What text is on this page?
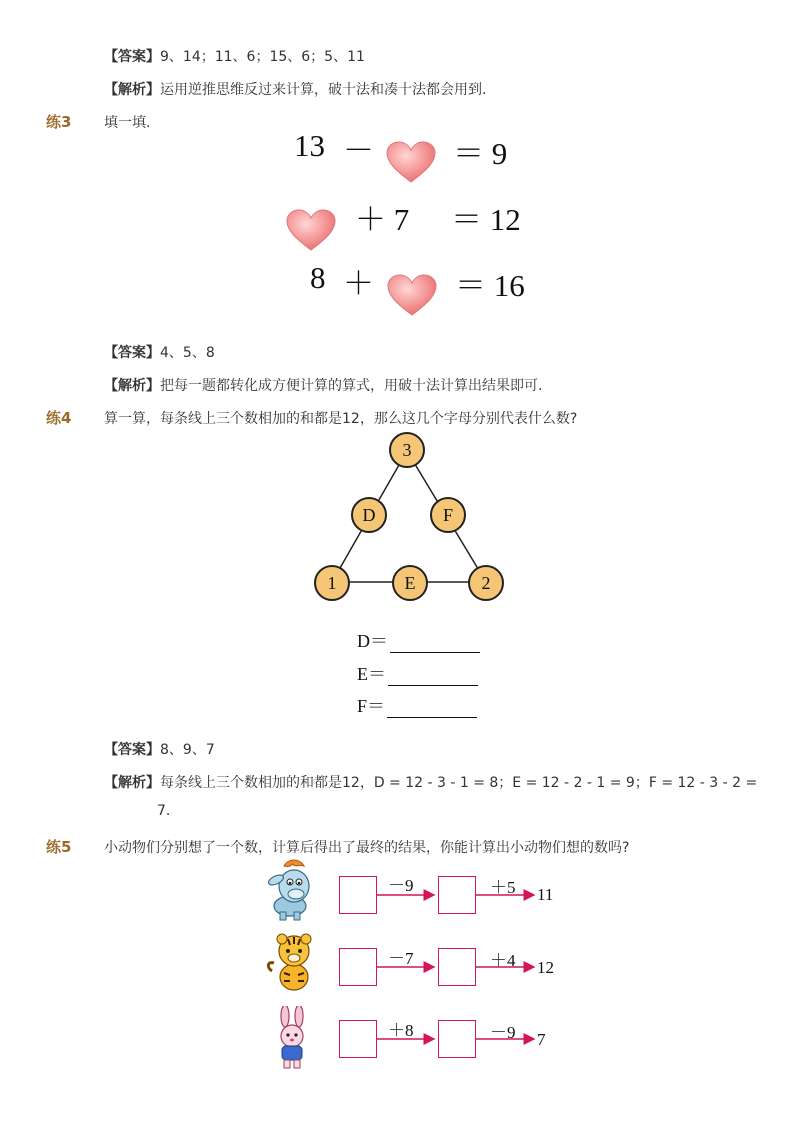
【答案】9、14；11、6；15、6；5、11
【解析】运用逆推思维反过来计算，破十法和凑十法都会用到.
练3 填一填.
13 －	＝ 9
＋ 7 ＝ 12
8 ＋	＝ 16
【答案】4、5、8
【解析】把每一题都转化成方便计算的算式，用破十法计算出结果即可.
练4 算一算，每条线上三个数相加的和都是12，那么这几个字母分别代表什么数?
3
D	F
1	E	2
D＝
E＝
F＝
【答案】8、9、7
【解析】每条线上三个数相加的和都是12，D = 12 - 3 - 1 = 8；E = 12 - 2 - 1 = 9；F = 12 - 3 - 2 =
7.
练5 小动物们分别想了一个数，计算后得出了最终的结果，你能计算出小动物们想的数吗?
－9	＋5 11
－7	＋4 12
＋8	－9 7
